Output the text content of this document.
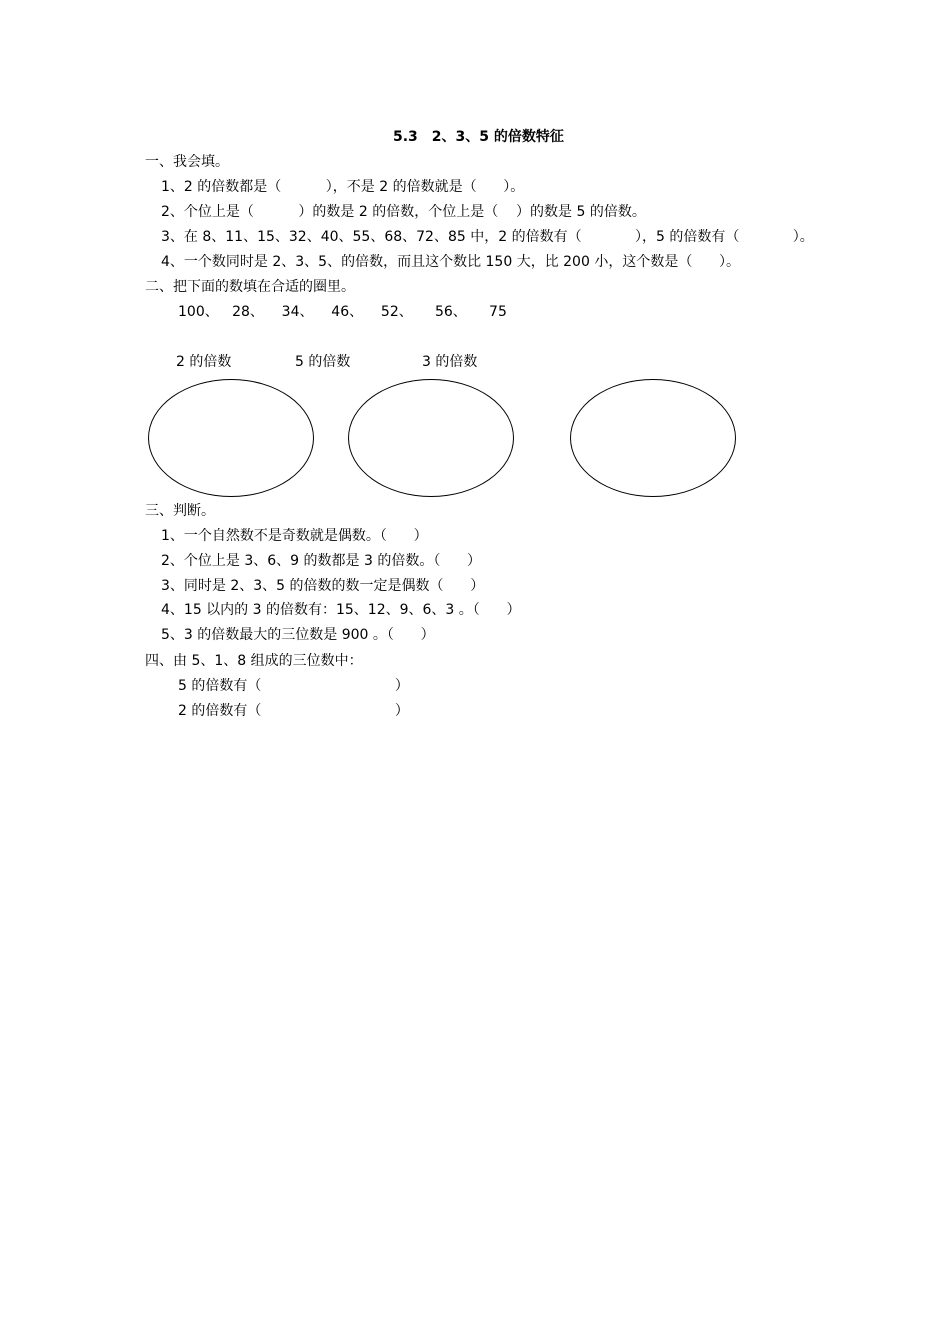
5.3　2、3、5 的倍数特征
一、我会填。
1、2 的倍数都是（          ），不是 2 的倍数就是（      ）。
2、个位上是（          ）的数是 2 的倍数，个位上是（    ）的数是 5 的倍数。
3、在 8、11、15、32、40、55、68、72、85 中，2 的倍数有（            ），5 的倍数有（            ）。
4、一个数同时是 2、3、5、的倍数，而且这个数比 150 大，比 200 小，这个数是（      ）。
二、把下面的数填在合适的圈里。
100、   28、    34、    46、    52、     56、     75
2 的倍数	5 的倍数	3 的倍数
三、判断。
1、一个自然数不是奇数就是偶数。（      ）
2、个位上是 3、6、9 的数都是 3 的倍数。（      ）
3、同时是 2、3、5 的倍数的数一定是偶数（      ）
4、15 以内的 3 的倍数有：15、12、9、6、3 。（      ）
5、3 的倍数最大的三位数是 900 。（      ）
四、由 5、1、8 组成的三位数中：
5 的倍数有（                              ）
2 的倍数有（                              ）
